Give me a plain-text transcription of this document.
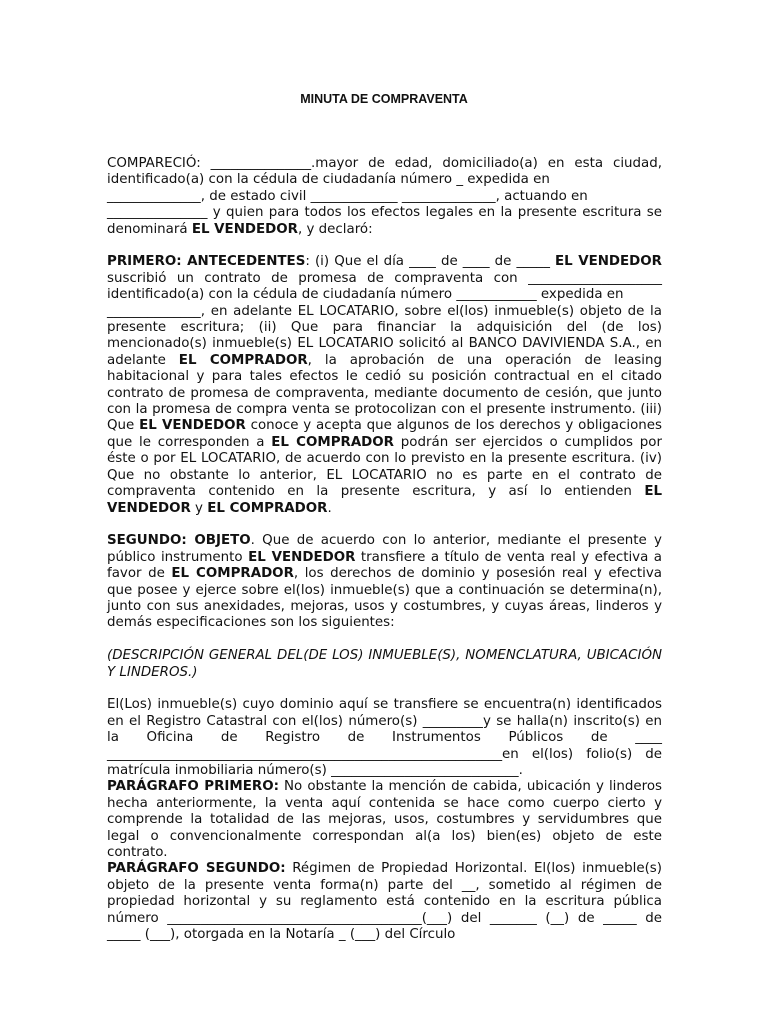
MINUTA DE COMPRAVENTA

COMPARECIÓ: _______________.mayor de edad, domiciliado(a) en esta ciudad, identificado(a) con la cédula de ciudadanía número _ expedida en

______________, de estado civil _____________ ______________, actuando en

_______________ y quien para todos los efectos legales en la presente escritura se denominará EL VENDEDOR, y declaró:

PRIMERO: ANTECEDENTES: (i) Que el día ____ de ____ de _____ EL VENDEDOR suscribió un contrato de promesa de compraventa con ____________________ identificado(a) con la cédula de ciudadanía número ____________ expedida en

______________, en adelante EL LOCATARIO, sobre el(los) inmueble(s) objeto de la presente escritura; (ii) Que para financiar la adquisición del (de los) mencionado(s) inmueble(s) EL LOCATARIO solicitó al BANCO DAVIVIENDA S.A., en adelante EL COMPRADOR, la aprobación de una operación de leasing habitacional y para tales efectos le cedió su posición contractual en el citado contrato de promesa de compraventa, mediante documento de cesión, que junto con la promesa de compra venta se protocolizan con el presente instrumento. (iii) Que EL VENDEDOR conoce y acepta que algunos de los derechos y obligaciones que le corresponden a EL COMPRADOR podrán ser ejercidos o cumplidos por éste o por EL LOCATARIO, de acuerdo con lo previsto en la presente escritura. (iv) Que no obstante lo anterior, EL LOCATARIO no es parte en el contrato de compraventa contenido en la presente escritura, y así lo entienden EL VENDEDOR y EL COMPRADOR.

SEGUNDO: OBJETO. Que de acuerdo con lo anterior, mediante el presente y público instrumento EL VENDEDOR transfiere a título de venta real y efectiva a favor de EL COMPRADOR, los derechos de dominio y posesión real y efectiva que posee y ejerce sobre el(los) inmueble(s) que a continuación se determina(n), junto con sus anexidades, mejoras, usos y costumbres, y cuyas áreas, linderos y demás especificaciones son los siguientes:

(DESCRIPCIÓN GENERAL DEL(DE LOS) INMUEBLE(S), NOMENCLATURA, UBICACIÓN Y LINDEROS.)

El(Los) inmueble(s) cuyo dominio aquí se transfiere se encuentra(n) identificados en el Registro Catastral con el(los) número(s) _________y se halla(n) inscrito(s) en la Oficina de Registro de Instrumentos Públicos de ____ ___________________________________________________________en el(los) folio(s) de matrícula inmobiliaria número(s) ____________________________.

PARÁGRAFO PRIMERO: No obstante la mención de cabida, ubicación y linderos hecha anteriormente, la venta aquí contenida se hace como cuerpo cierto y comprende la totalidad de las mejoras, usos, costumbres y servidumbres que legal o convencionalmente correspondan al(a los) bien(es) objeto de este contrato.

PARÁGRAFO SEGUNDO: Régimen de Propiedad Horizontal. El(los) inmueble(s) objeto de la presente venta forma(n) parte del __, sometido al régimen de propiedad horizontal y su reglamento está contenido en la escritura pública número ______________________________________(___) del _______ (__) de _____ de _____ (___), otorgada en la Notaría _ (___) del Círculo
